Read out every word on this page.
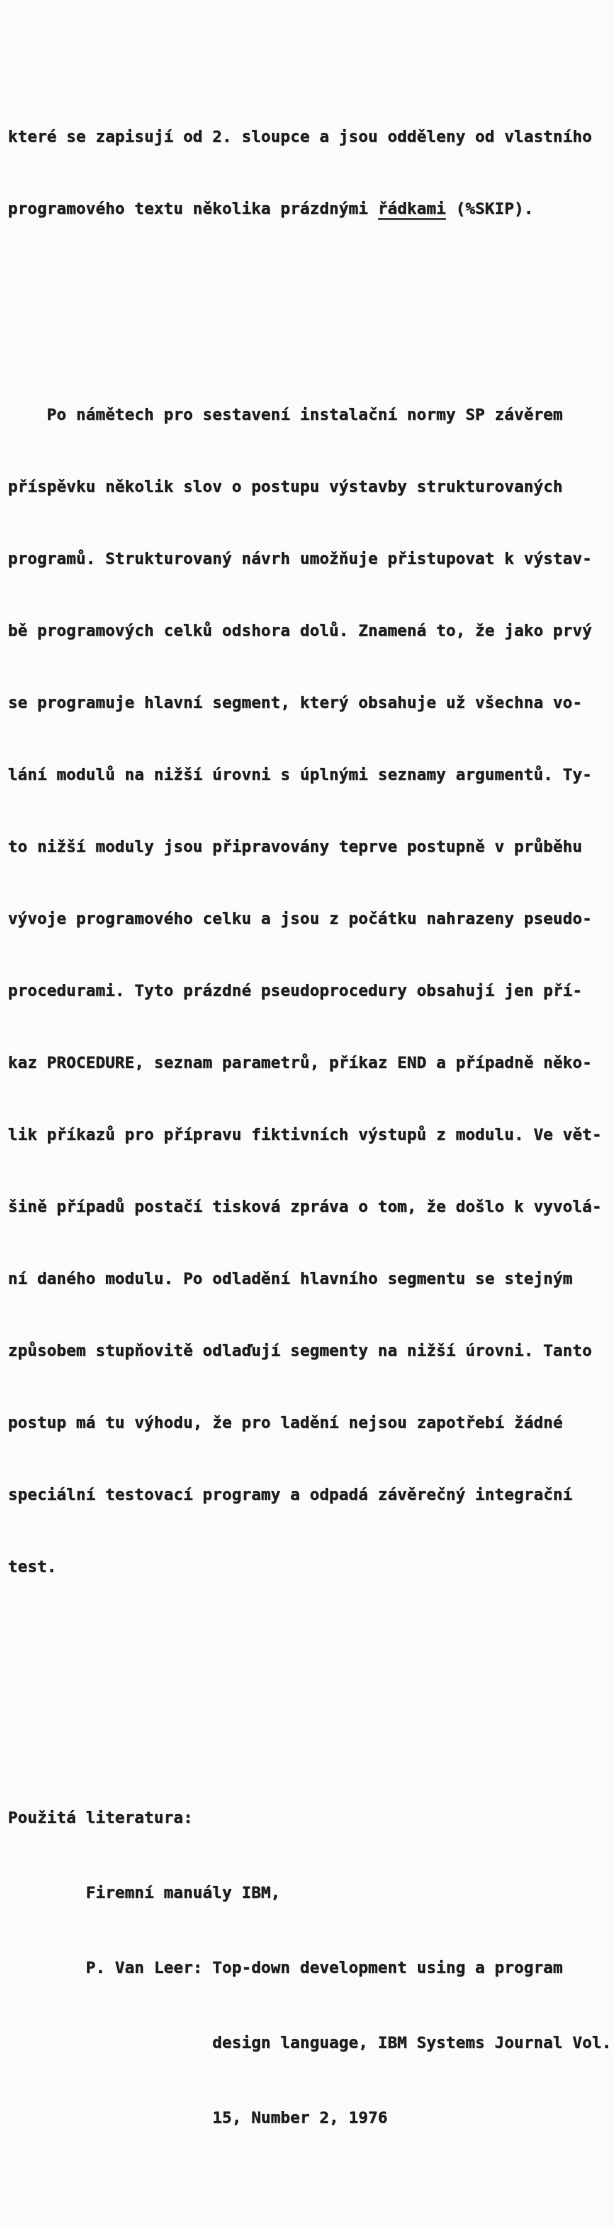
které se zapisují od 2. sloupce a jsou odděleny od vlastního

programového textu několika prázdnými řádkami (%SKIP).

Po námětech pro sestavení instalační normy SP závěrem

příspěvku několik slov o postupu výstavby strukturovaných

programů. Strukturovaný návrh umožňuje přistupovat k výstav-

bě programových celků odshora dolů. Znamená to, že jako prvý

se programuje hlavní segment, který obsahuje už všechna vo-

lání modulů na nižší úrovni s úplnými seznamy argumentů. Ty-

to nižší moduly jsou připravovány teprve postupně v průběhu

vývoje programového celku a jsou z počátku nahrazeny pseudo-

procedurami. Tyto prázdné pseudoprocedury obsahují jen pří-

kaz PROCEDURE, seznam parametrů, příkaz END a případně něko-

lik příkazů pro přípravu fiktivních výstupů z modulu. Ve vět-

šině případů postačí tisková zpráva o tom, že došlo k vyvolá-

ní daného modulu. Po odladění hlavního segmentu se stejným

způsobem stupňovitě odlaďují segmenty na nižší úrovni. Tanto

postup má tu výhodu, že pro ladění nejsou zapotřebí žádné

speciální testovací programy a odpadá závěrečný integrační

test.

Použitá literatura:

Firemní manuály IBM,

P. Van Leer: Top-down development using a program

design language, IBM Systems Journal Vol.

15, Number 2, 1976
